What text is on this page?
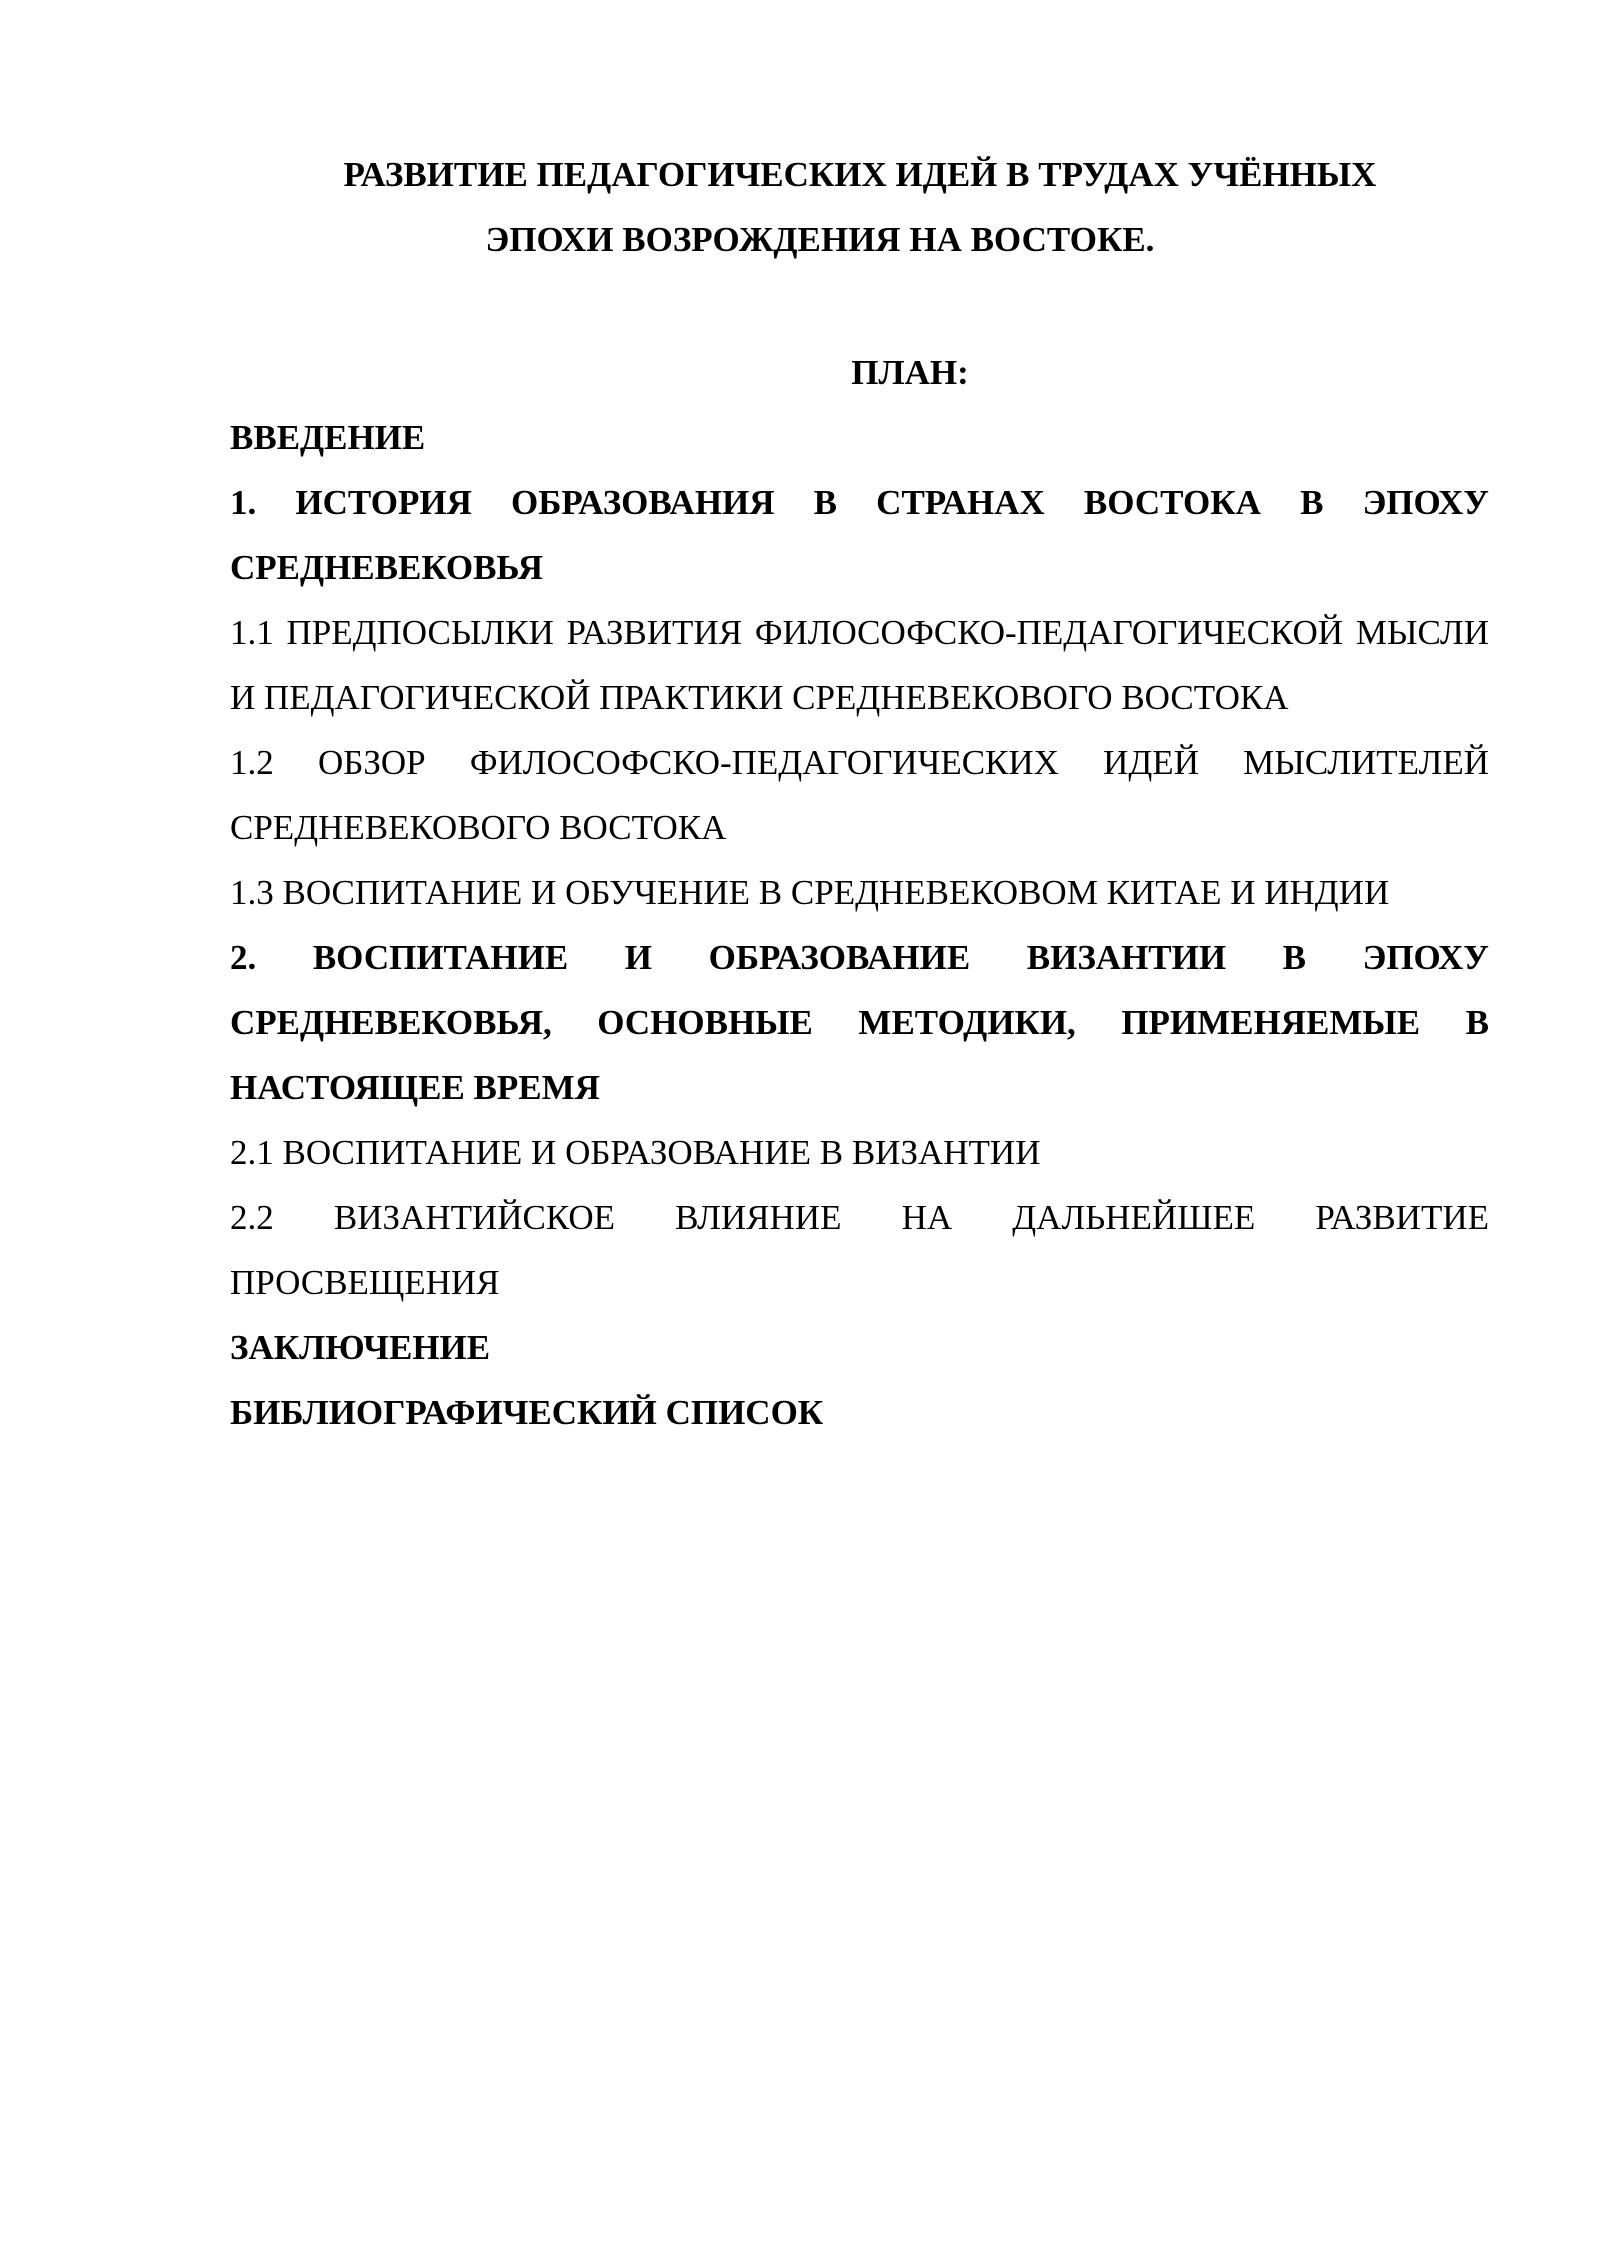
РАЗВИТИЕ ПЕДАГОГИЧЕСКИХ ИДЕЙ В ТРУДАХ УЧЁННЫХ
ЭПОХИ ВОЗРОЖДЕНИЯ НА ВОСТОКЕ.
ПЛАН:

ВВЕДЕНИЕ

1. ИСТОРИЯ ОБРАЗОВАНИЯ В СТРАНАХ ВОСТОКА В ЭПОХУ СРЕДНЕВЕКОВЬЯ

1.1 ПРЕДПОСЫЛКИ РАЗВИТИЯ ФИЛОСОФСКО-ПЕДАГОГИЧЕСКОЙ МЫСЛИ И ПЕДАГОГИЧЕСКОЙ ПРАКТИКИ СРЕДНЕВЕКОВОГО ВОСТОКА

1.2 ОБЗОР ФИЛОСОФСКО-ПЕДАГОГИЧЕСКИХ ИДЕЙ МЫСЛИТЕЛЕЙ СРЕДНЕВЕКОВОГО ВОСТОКА

1.3 ВОСПИТАНИЕ И ОБУЧЕНИЕ В СРЕДНЕВЕКОВОМ КИТАЕ И ИНДИИ

2. ВОСПИТАНИЕ И ОБРАЗОВАНИЕ ВИЗАНТИИ В ЭПОХУ СРЕДНЕВЕКОВЬЯ, ОСНОВНЫЕ МЕТОДИКИ, ПРИМЕНЯЕМЫЕ В НАСТОЯЩЕЕ ВРЕМЯ

2.1 ВОСПИТАНИЕ И ОБРАЗОВАНИЕ В ВИЗАНТИИ

2.2 ВИЗАНТИЙСКОЕ ВЛИЯНИЕ НА ДАЛЬНЕЙШЕЕ РАЗВИТИЕ ПРОСВЕЩЕНИЯ

ЗАКЛЮЧЕНИЕ

БИБЛИОГРАФИЧЕСКИЙ СПИСОК
